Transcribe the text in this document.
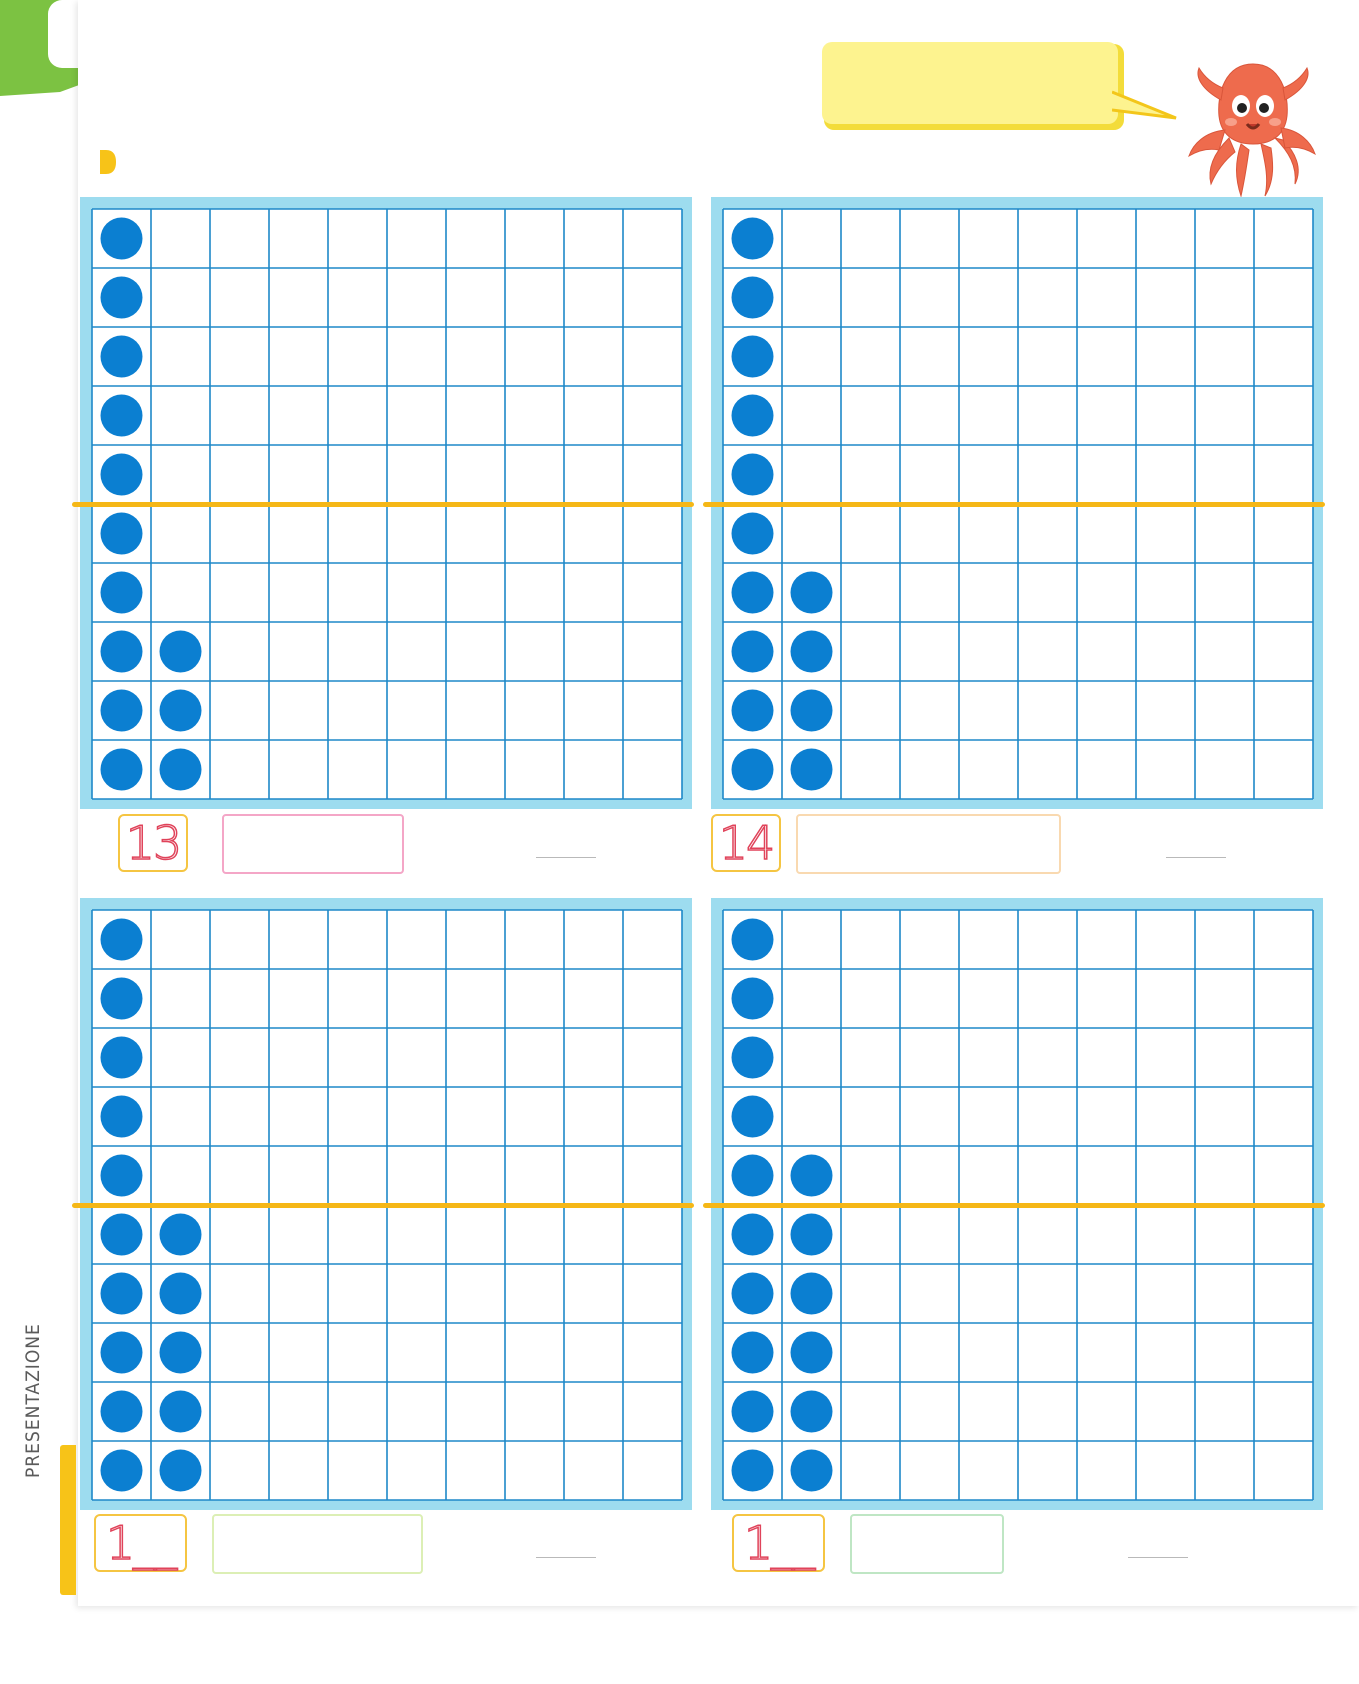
13	14
1__	1__
PRESENTAZIONE
